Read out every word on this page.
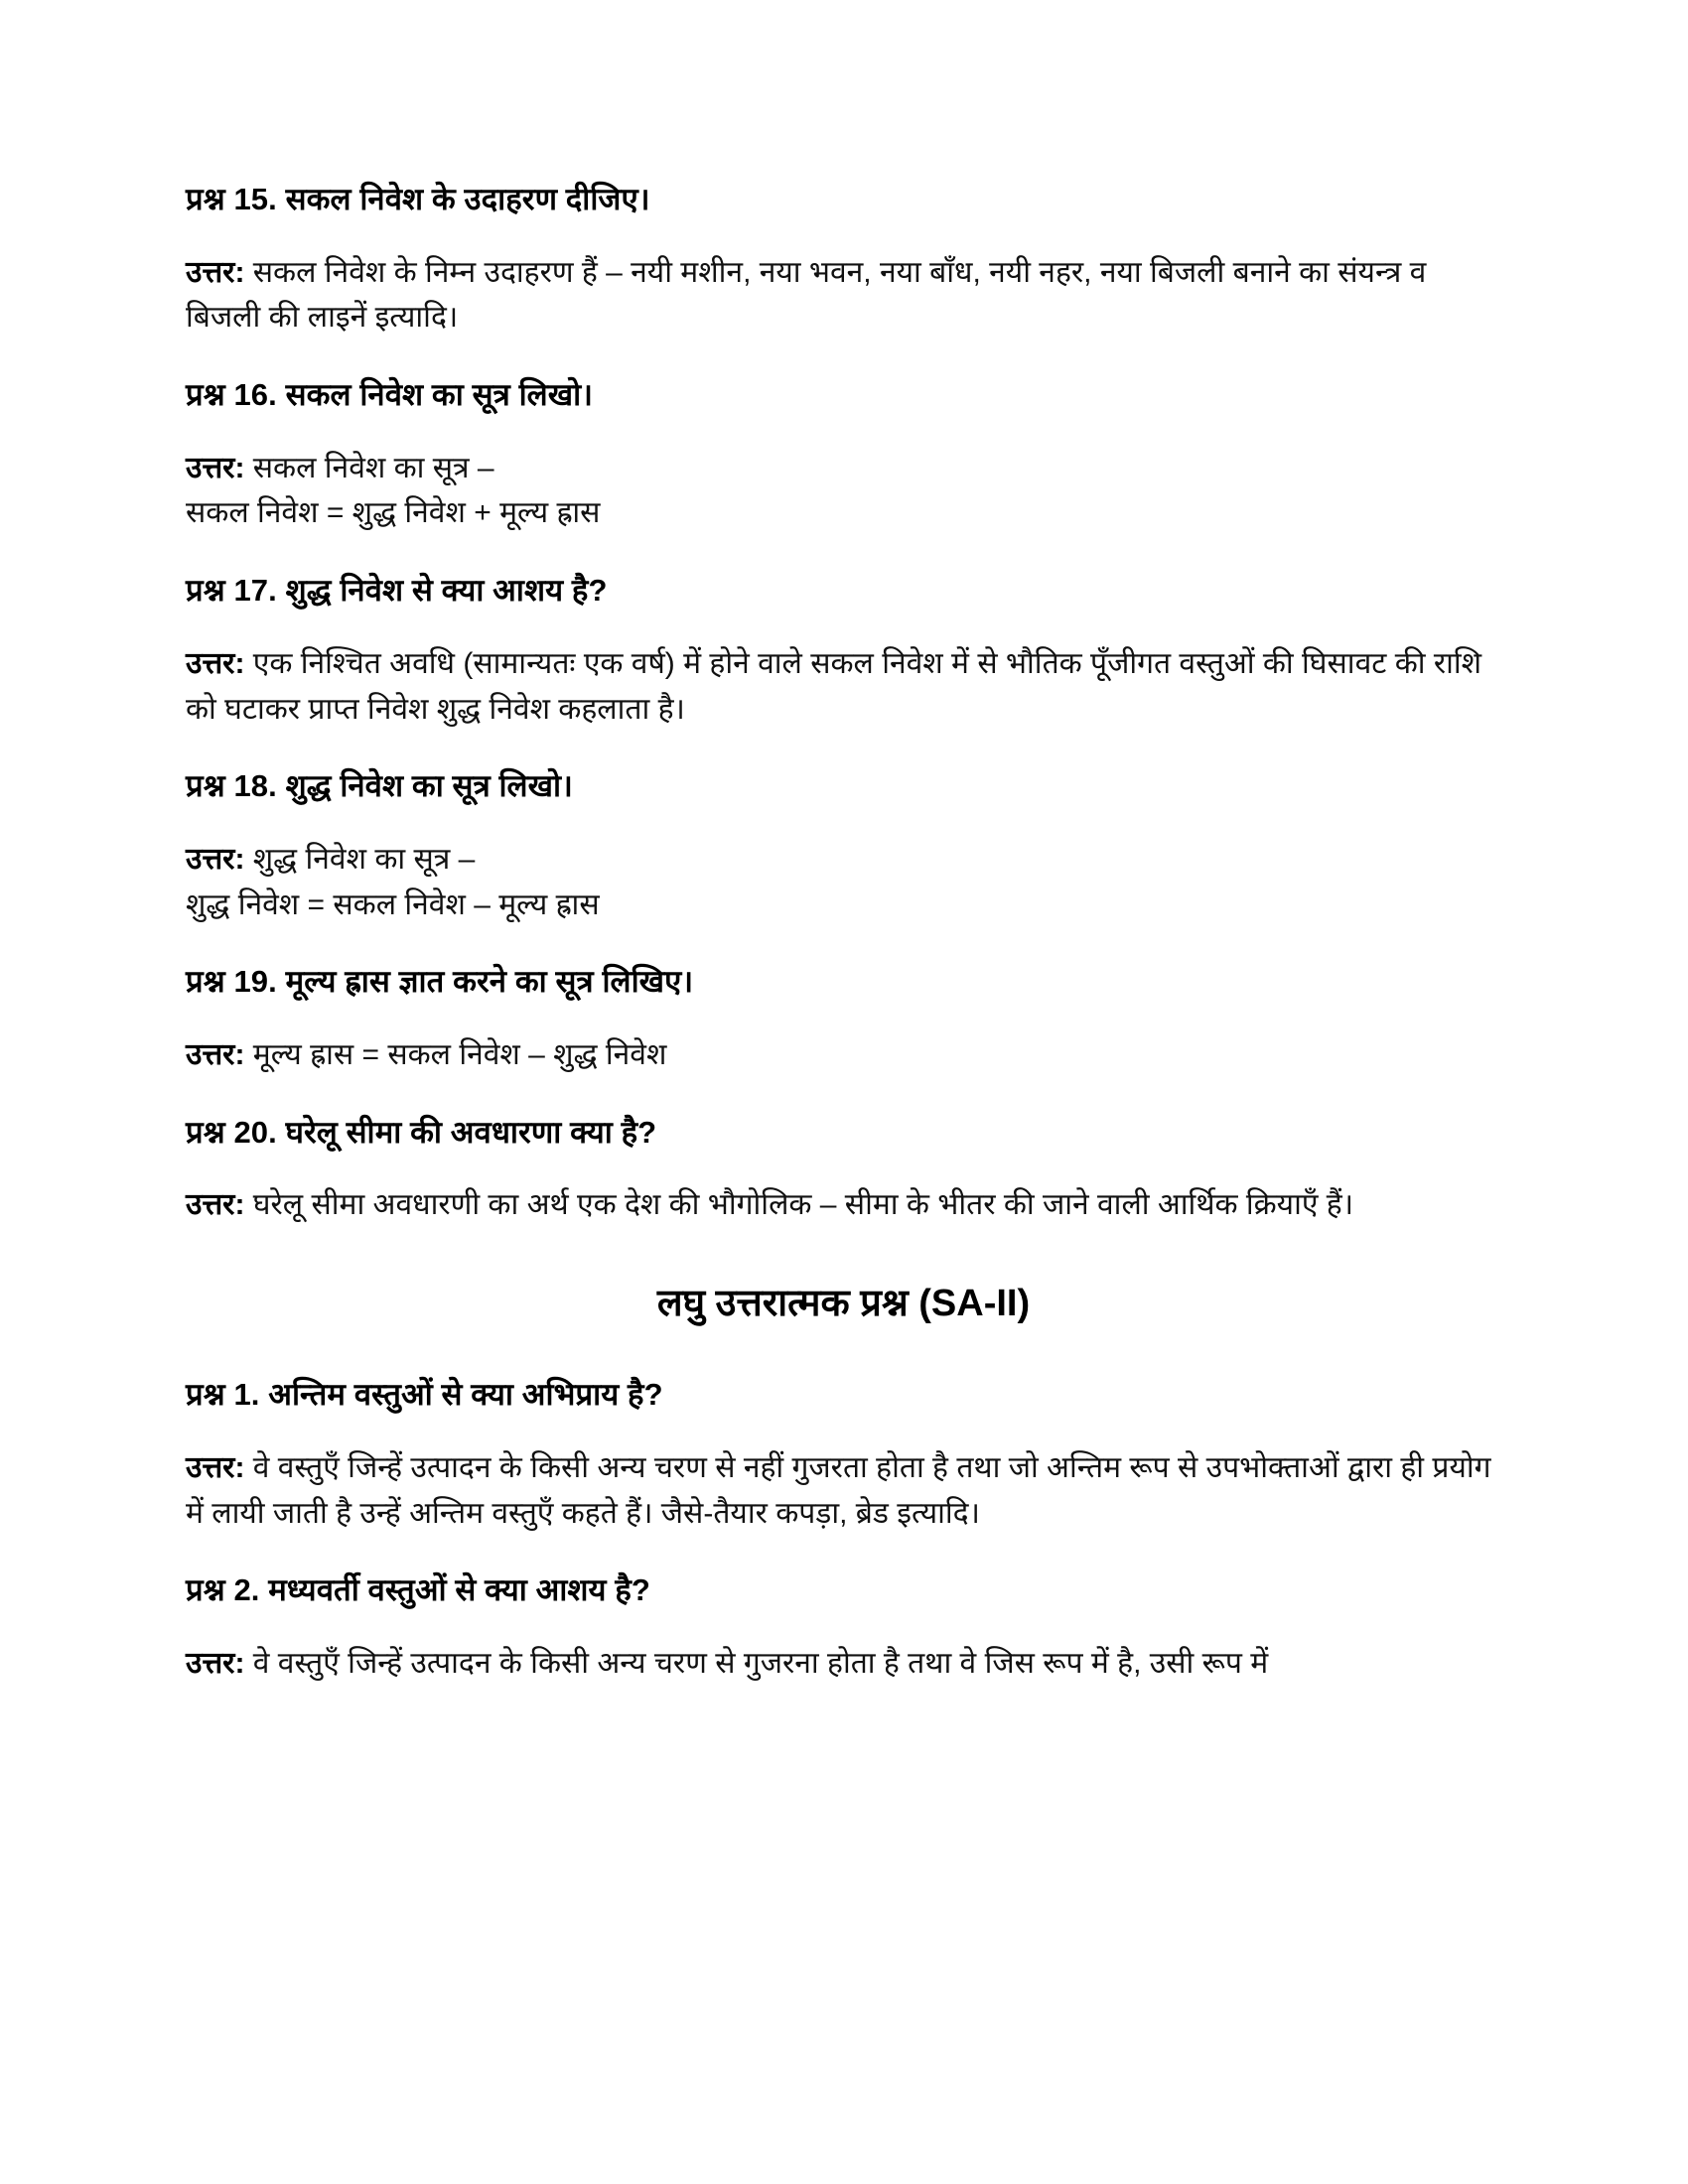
प्रश्न 15. सकल निवेश के उदाहरण दीजिए।

उत्तर: सकल निवेश के निम्न उदाहरण हैं – नयी मशीन, नया भवन, नया बाँध, नयी नहर, नया बिजली बनाने का संयन्त्र व बिजली की लाइनें इत्यादि।

प्रश्न 16. सकल निवेश का सूत्र लिखो।

उत्तर: सकल निवेश का सूत्र –

सकल निवेश = शुद्ध निवेश + मूल्य ह्रास

प्रश्न 17. शुद्ध निवेश से क्या आशय है?

उत्तर: एक निश्चित अवधि (सामान्यतः एक वर्ष) में होने वाले सकल निवेश में से भौतिक पूँजीगत वस्तुओं की घिसावट की राशि को घटाकर प्राप्त निवेश शुद्ध निवेश कहलाता है।

प्रश्न 18. शुद्ध निवेश का सूत्र लिखो।

उत्तर: शुद्ध निवेश का सूत्र –

शुद्ध निवेश = सकल निवेश – मूल्य ह्रास

प्रश्न 19. मूल्य ह्रास ज्ञात करने का सूत्र लिखिए।

उत्तर: मूल्य ह्रास = सकल निवेश – शुद्ध निवेश

प्रश्न 20. घरेलू सीमा की अवधारणा क्या है?

उत्तर: घरेलू सीमा अवधारणी का अर्थ एक देश की भौगोलिक – सीमा के भीतर की जाने वाली आर्थिक क्रियाएँ हैं।

लघु उत्तरात्मक प्रश्न (SA-II)

प्रश्न 1. अन्तिम वस्तुओं से क्या अभिप्राय है?

उत्तर: वे वस्तुएँ जिन्हें उत्पादन के किसी अन्य चरण से नहीं गुजरता होता है तथा जो अन्तिम रूप से उपभोक्ताओं द्वारा ही प्रयोग में लायी जाती है उन्हें अन्तिम वस्तुएँ कहते हैं। जैसे-तैयार कपड़ा, ब्रेड इत्यादि।

प्रश्न 2. मध्यवर्ती वस्तुओं से क्या आशय है?

उत्तर: वे वस्तुएँ जिन्हें उत्पादन के किसी अन्य चरण से गुजरना होता है तथा वे जिस रूप में है, उसी रूप में
